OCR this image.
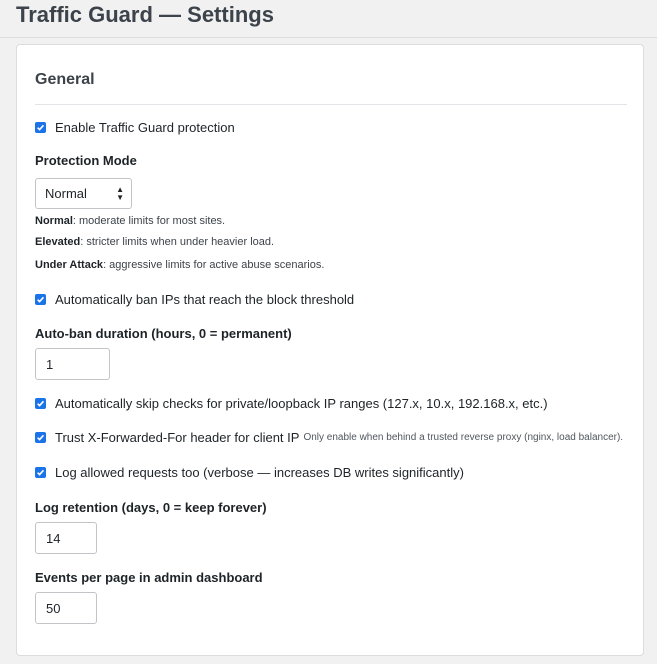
Traffic Guard — Settings
General
Enable Traffic Guard protection
Protection Mode
Normal	▲
▼
Normal: moderate limits for most sites.
Elevated: stricter limits when under heavier load.
Under Attack: aggressive limits for active abuse scenarios.
Automatically ban IPs that reach the block threshold
Auto-ban duration (hours, 0 = permanent)
1
Automatically skip checks for private/loopback IP ranges (127.x, 10.x, 192.168.x, etc.)
Trust X-Forwarded-For header for client IP Only enable when behind a trusted reverse proxy (nginx, load balancer).
Log allowed requests too (verbose — increases DB writes significantly)
Log retention (days, 0 = keep forever)
14
Events per page in admin dashboard
50
